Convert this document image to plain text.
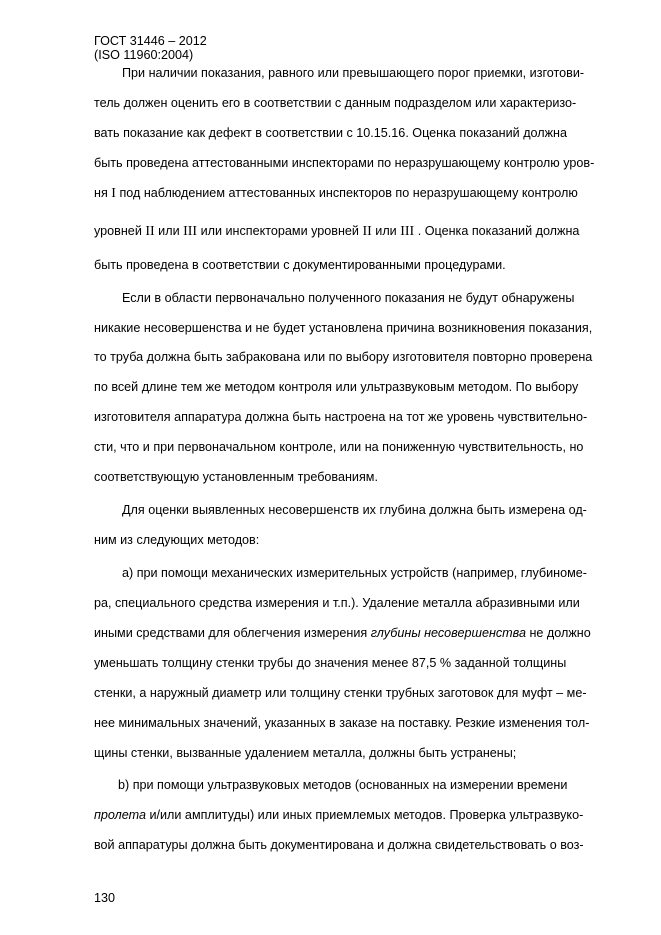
ГОСТ 31446 – 2012
(ISO 11960:2004)
При наличии показания, равного или превышающего порог приемки, изготови-
тель должен оценить его в соответствии с данным подразделом или характеризо-
вать показание как дефект в соответствии с 10.15.16. Оценка показаний должна
быть проведена аттестованными инспекторами по неразрушающему контролю уров-
ня I под наблюдением аттестованных инспекторов по неразрушающему контролю
уровней II или III или инспекторами уровней II или III . Оценка показаний должна
быть проведена в соответствии с документированными процедурами.
Если в области первоначально полученного показания не будут обнаружены
никакие несовершенства и не будет установлена причина возникновения показания,
то труба должна быть забракована или по выбору изготовителя повторно проверена
по всей длине тем же методом контроля или ультразвуковым методом. По выбору
изготовителя аппаратура должна быть настроена на тот же уровень чувствительно-
сти, что и при первоначальном контроле, или на пониженную чувствительность, но
соответствующую установленным требованиям.
Для оценки выявленных несовершенств их глубина должна быть измерена од-
ним из следующих методов:
a) при помощи механических измерительных устройств (например, глубиноме-
ра, специального средства измерения и т.п.). Удаление металла абразивными или
иными средствами для облегчения измерения глубины несовершенства не должно
уменьшать толщину стенки трубы до значения менее 87,5 % заданной толщины
стенки, а наружный диаметр или толщину стенки трубных заготовок для муфт – ме-
нее минимальных значений, указанных в заказе на поставку. Резкие изменения тол-
щины стенки, вызванные удалением металла, должны быть устранены;
b) при помощи ультразвуковых методов (основанных на измерении времени
пролета и/или амплитуды) или иных приемлемых методов. Проверка ультразвуко-
вой аппаратуры должна быть документирована и должна свидетельствовать о воз-
130
